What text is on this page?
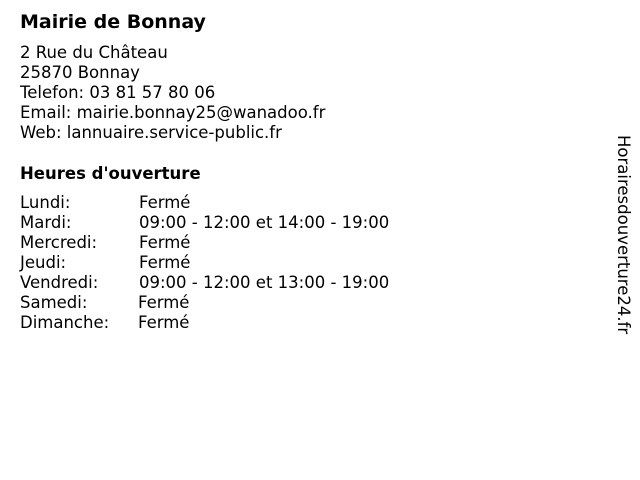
Mairie de Bonnay
2 Rue du Château
25870 Bonnay
Telefon: 03 81 57 80 06
Email: mairie.bonnay25@wanadoo.fr
Web: lannuaire.service-public.fr
Heures d'ouverture
Lundi:	Fermé
Mardi:	09:00 - 12:00 et 14:00 - 19:00
Mercredi:	Fermé
Jeudi:	Fermé
Vendredi: 09:00 - 12:00 et 13:00 - 19:00
Samedi:	Fermé
Dimanche: Fermé	Horairesdouverture24.fr
